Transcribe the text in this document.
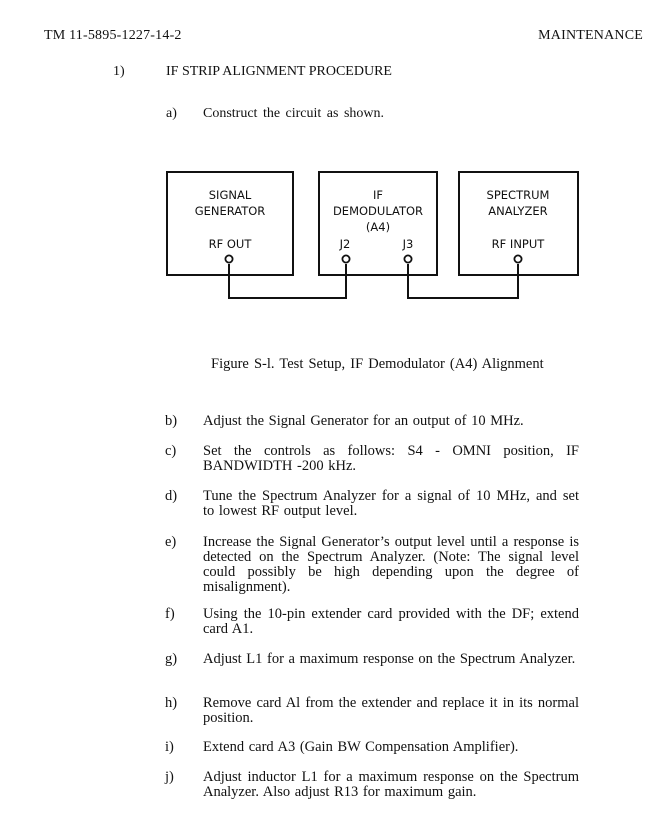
TM 11-5895-1227-14-2	MAINTENANCE
1)	IF STRIP ALIGNMENT PROCEDURE
a) Construct the circuit as shown.
SIGNAL
GENERATOR
RF OUT
IF
DEMODULATOR
(A4)
J2	J3
SPECTRUM
ANALYZER
RF INPUT
Figure S-l. Test Setup, IF Demodulator (A4) Alignment
b)	Adjust the Signal Generator for an output of 10 MHz.
c)	Set the controls as follows: S4 - OMNI position, IF BANDWIDTH -200 kHz.
d)	Tune the Spectrum Analyzer for a signal of 10 MHz, and set to lowest RF output level.
e)	Increase the Signal Generator’s output level until a response is detected on the Spectrum Analyzer. (Note: The signal level could possibly be high depending upon the degree of misalignment).
f)	Using the 10-pin extender card provided with the DF; extend card A1.
g)	Adjust L1 for a maximum response on the Spectrum Analyzer.
h)	Remove card Al from the extender and replace it in its normal position.
i)	Extend card A3 (Gain BW Compensation Amplifier).
j)	Adjust inductor L1 for a maximum response on the Spectrum Analyzer. Also adjust R13 for maximum gain.
